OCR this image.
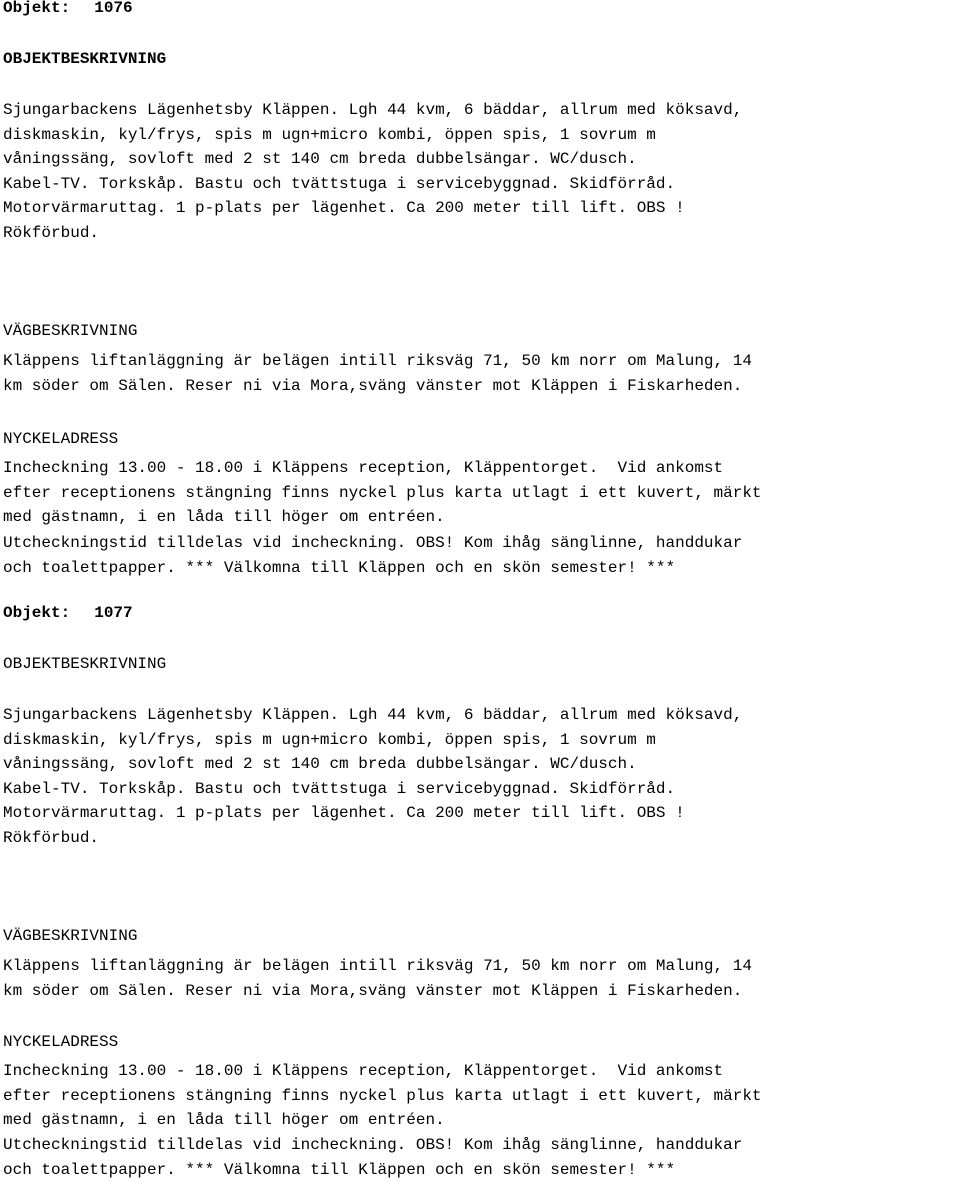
Objekt: 1076
OBJEKTBESKRIVNING
Sjungarbackens Lägenhetsby Kläppen. Lgh 44 kvm, 6 bäddar, allrum med köksavd,
diskmaskin, kyl/frys, spis m ugn+micro kombi, öppen spis, 1 sovrum m
våningssäng, sovloft med 2 st 140 cm breda dubbelsängar. WC/dusch.
Kabel-TV. Torkskåp. Bastu och tvättstuga i servicebyggnad. Skidförråd.
Motorvärmaruttag. 1 p-plats per lägenhet. Ca 200 meter till lift. OBS !
Rökförbud.
VÄGBESKRIVNING
Kläppens liftanläggning är belägen intill riksväg 71, 50 km norr om Malung, 14
km söder om Sälen. Reser ni via Mora,sväng vänster mot Kläppen i Fiskarheden.
NYCKELADRESS
Incheckning 13.00 - 18.00 i Kläppens reception, Kläppentorget.  Vid ankomst
efter receptionens stängning finns nyckel plus karta utlagt i ett kuvert, märkt
med gästnamn, i en låda till höger om entréen.
Utcheckningstid tilldelas vid incheckning. OBS! Kom ihåg sänglinne, handdukar
och toalettpapper. *** Välkomna till Kläppen och en skön semester! ***
Objekt: 1077
OBJEKTBESKRIVNING
Sjungarbackens Lägenhetsby Kläppen. Lgh 44 kvm, 6 bäddar, allrum med köksavd,
diskmaskin, kyl/frys, spis m ugn+micro kombi, öppen spis, 1 sovrum m
våningssäng, sovloft med 2 st 140 cm breda dubbelsängar. WC/dusch.
Kabel-TV. Torkskåp. Bastu och tvättstuga i servicebyggnad. Skidförråd.
Motorvärmaruttag. 1 p-plats per lägenhet. Ca 200 meter till lift. OBS !
Rökförbud.
VÄGBESKRIVNING
Kläppens liftanläggning är belägen intill riksväg 71, 50 km norr om Malung, 14
km söder om Sälen. Reser ni via Mora,sväng vänster mot Kläppen i Fiskarheden.
NYCKELADRESS
Incheckning 13.00 - 18.00 i Kläppens reception, Kläppentorget.  Vid ankomst
efter receptionens stängning finns nyckel plus karta utlagt i ett kuvert, märkt
med gästnamn, i en låda till höger om entréen.
Utcheckningstid tilldelas vid incheckning. OBS! Kom ihåg sänglinne, handdukar
och toalettpapper. *** Välkomna till Kläppen och en skön semester! ***
